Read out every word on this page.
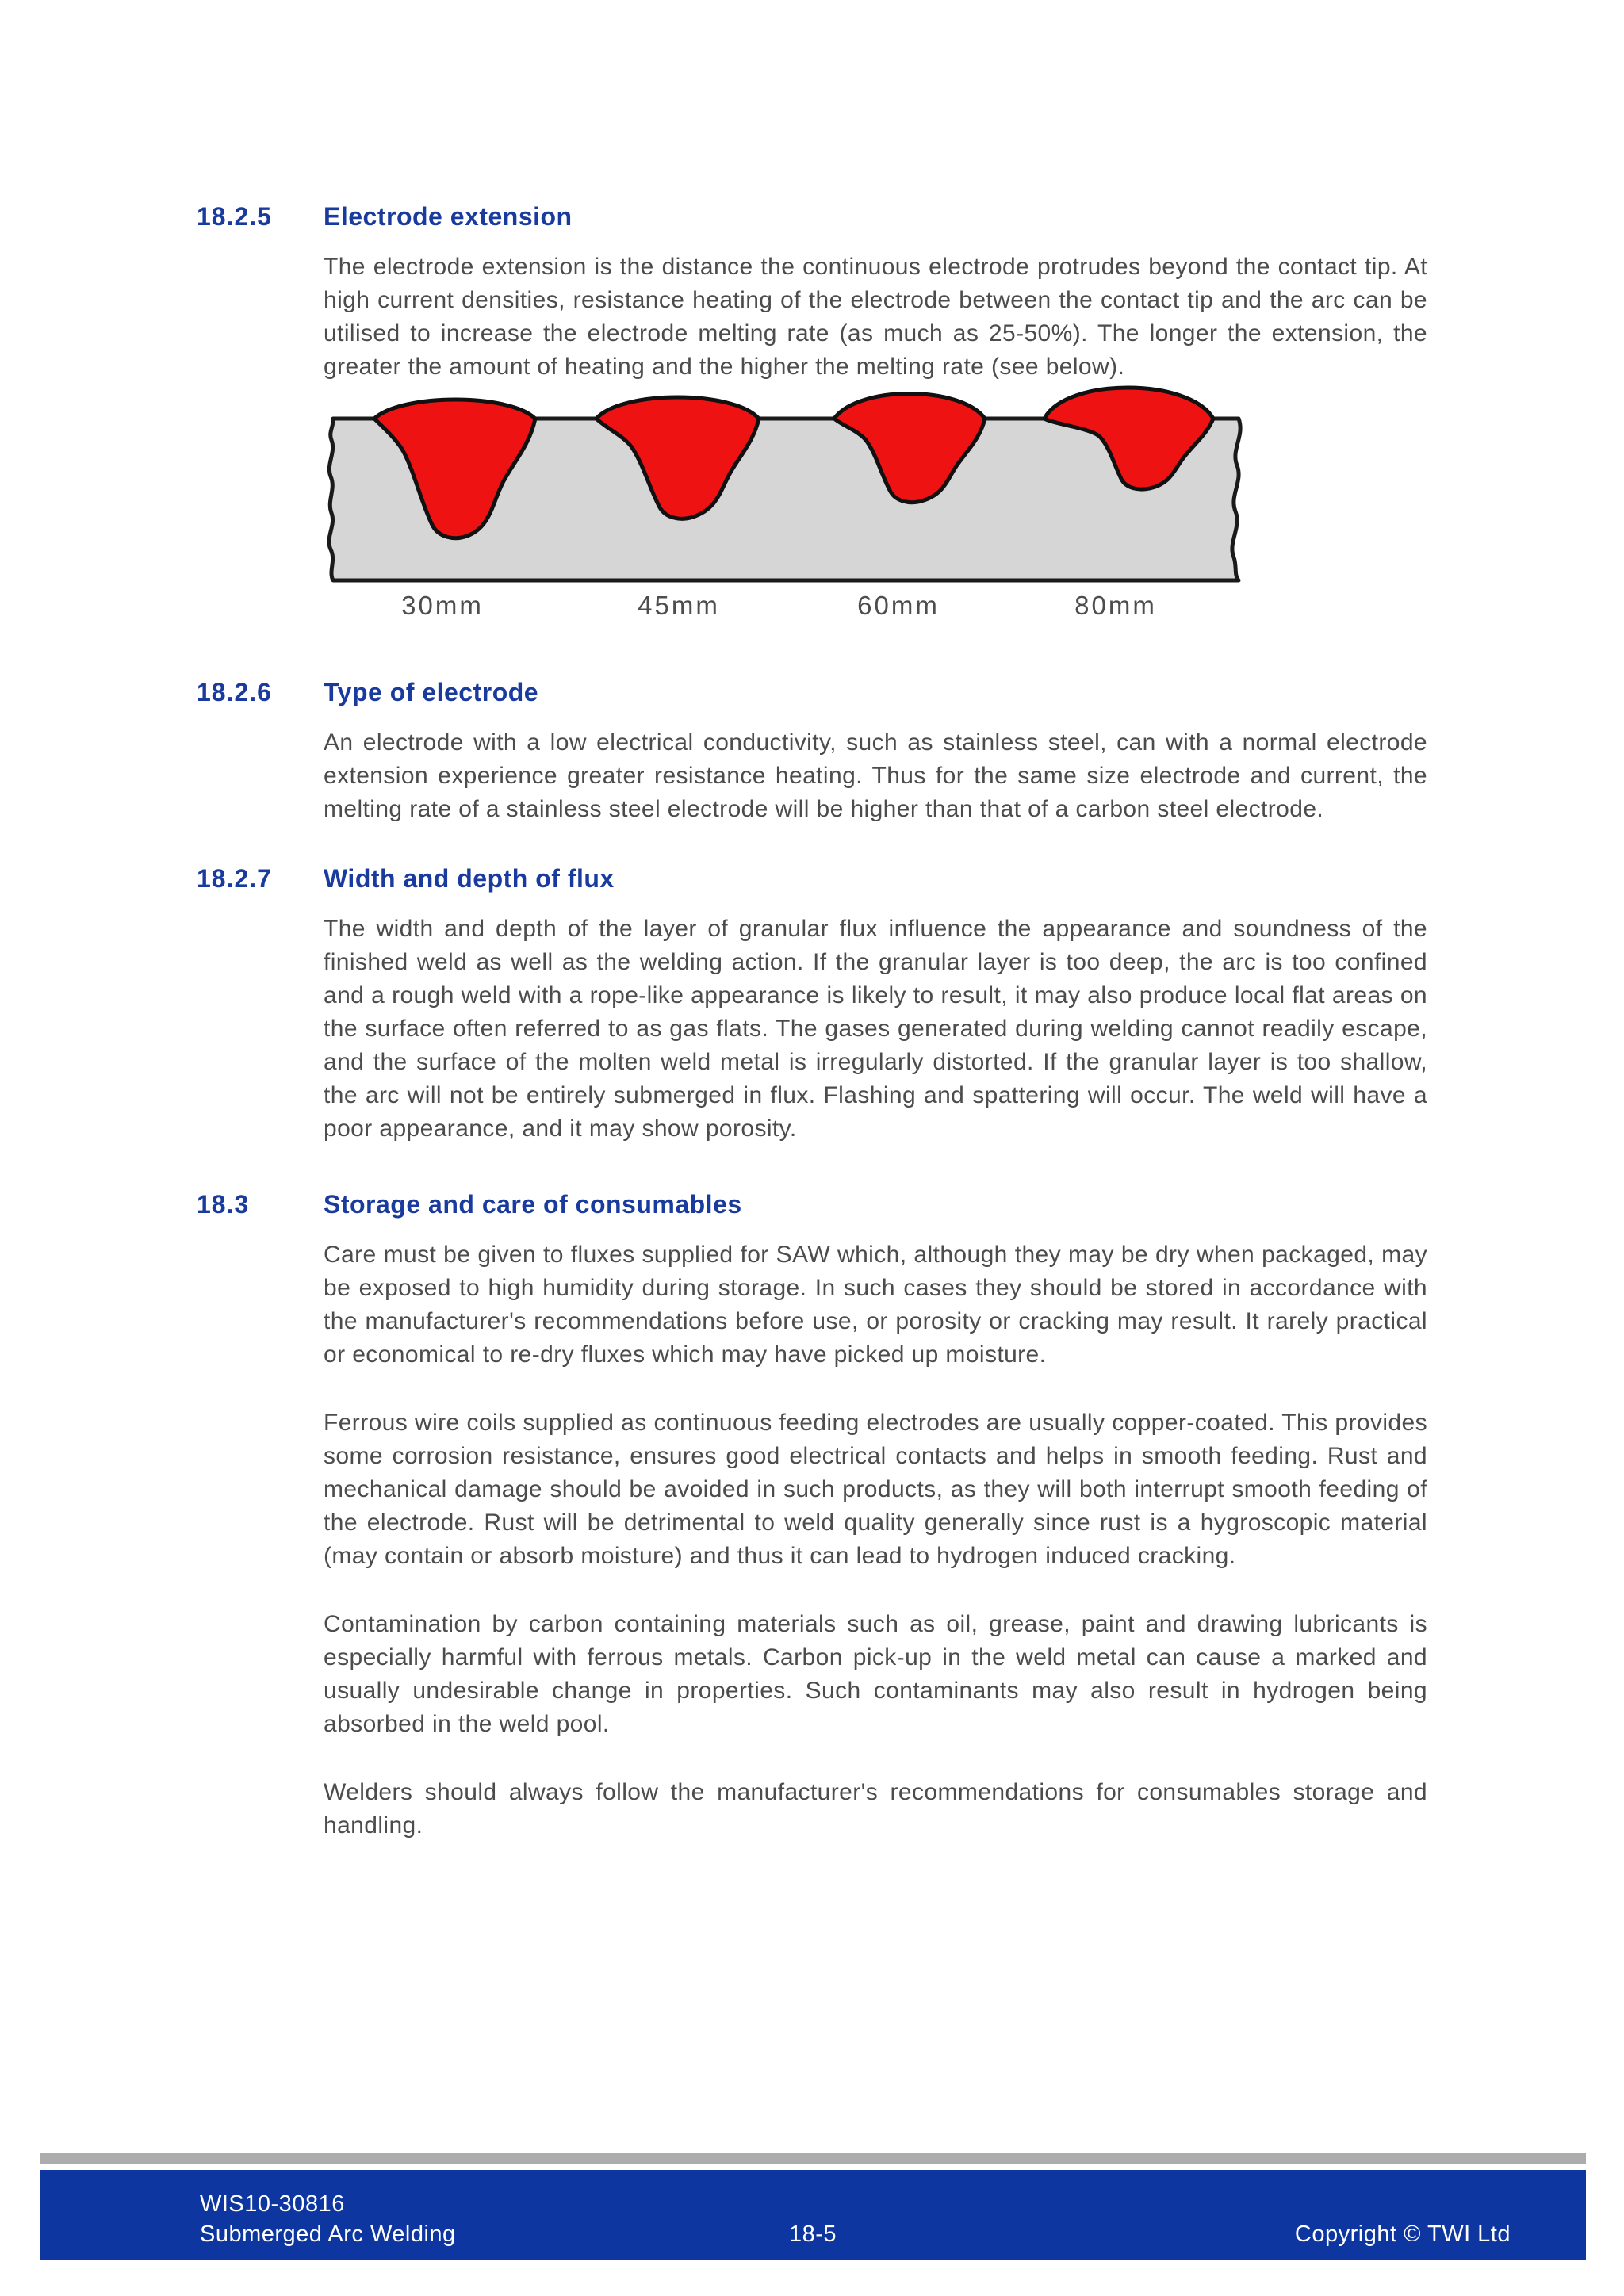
18.2.5	Electrode extension

The electrode extension is the distance the continuous electrode protrudes beyond the contact tip. At high current densities, resistance heating of the electrode between the contact tip and the arc can be utilised to increase the electrode melting rate (as much as 25-50%). The longer the extension, the greater the amount of heating and the higher the melting rate (see below).

30mm	45mm	60mm	80mm
18.2.6	Type of electrode

An electrode with a low electrical conductivity, such as stainless steel, can with a normal electrode extension experience greater resistance heating. Thus for the same size electrode and current, the melting rate of a stainless steel electrode will be higher than that of a carbon steel electrode.

18.2.7	Width and depth of flux

The width and depth of the layer of granular flux influence the appearance and soundness of the finished weld as well as the welding action. If the granular layer is too deep, the arc is too confined and a rough weld with a rope-like appearance is likely to result, it may also produce local flat areas on the surface often referred to as gas flats. The gases generated during welding cannot readily escape, and the surface of the molten weld metal is irregularly distorted. If the granular layer is too shallow, the arc will not be entirely submerged in flux. Flashing and spattering will occur. The weld will have a poor appearance, and it may show porosity.

18.3	Storage and care of consumables

Care must be given to fluxes supplied for SAW which, although they may be dry when packaged, may be exposed to high humidity during storage. In such cases they should be stored in accordance with the manufacturer's recommendations before use, or porosity or cracking may result. It rarely practical or economical to re-dry fluxes which may have picked up moisture.

Ferrous wire coils supplied as continuous feeding electrodes are usually copper-coated. This provides some corrosion resistance, ensures good electrical contacts and helps in smooth feeding. Rust and mechanical damage should be avoided in such products, as they will both interrupt smooth feeding of the electrode. Rust will be detrimental to weld quality generally since rust is a hygroscopic material (may contain or absorb moisture) and thus it can lead to hydrogen induced cracking.

Contamination by carbon containing materials such as oil, grease, paint and drawing lubricants is especially harmful with ferrous metals. Carbon pick-up in the weld metal can cause a marked and usually undesirable change in properties. Such contaminants may also result in hydrogen being absorbed in the weld pool.

Welders should always follow the manufacturer's recommendations for consumables storage and handling.

WIS10-30816
Submerged Arc Welding	18-5	Copyright © TWI Ltd
